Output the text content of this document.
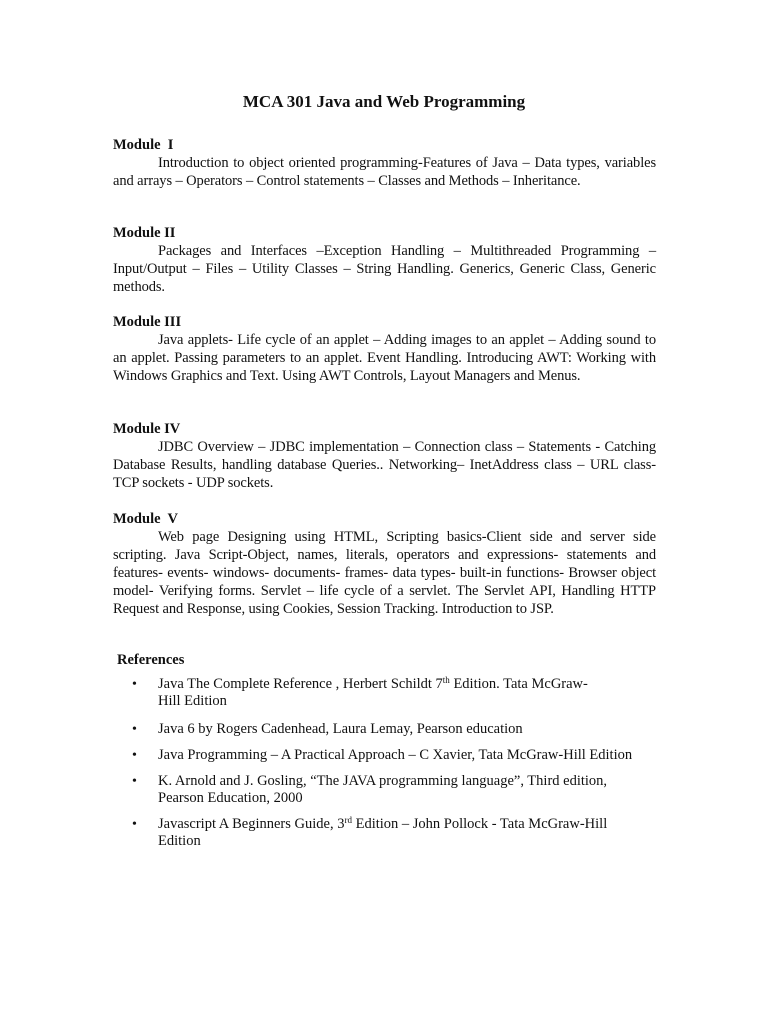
MCA 301 Java and Web Programming

Module  I

Introduction to object oriented programming-Features of Java – Data types, variables and arrays – Operators – Control statements – Classes and Methods – Inheritance.

Module II

Packages and Interfaces –Exception Handling – Multithreaded Programming – Input/Output – Files – Utility Classes – String Handling. Generics, Generic Class, Generic methods.

Module III

Java applets- Life cycle of an applet – Adding images to an applet – Adding sound to an applet. Passing parameters to an applet. Event Handling. Introducing AWT: Working with Windows Graphics and Text. Using AWT Controls, Layout Managers and Menus.

Module IV

JDBC Overview – JDBC implementation – Connection class – Statements - Catching Database Results, handling database Queries.. Networking– InetAddress class – URL class- TCP sockets - UDP sockets.

Module  V

Web page Designing using HTML, Scripting basics-Client side and server side scripting. Java Script-Object, names, literals, operators and expressions- statements and features- events- windows- documents- frames- data types- built-in functions- Browser object model- Verifying forms. Servlet – life cycle of a servlet. The Servlet API, Handling HTTP Request and Response, using Cookies, Session Tracking. Introduction to JSP.

References

• Java The Complete Reference , Herbert Schildt 7th Edition. Tata McGraw-
Hill Edition
• Java 6 by Rogers Cadenhead, Laura Lemay, Pearson education
• Java Programming – A Practical Approach – C Xavier, Tata McGraw-Hill Edition
• K. Arnold and J. Gosling, “The JAVA programming language”, Third edition,
Pearson Education, 2000
• Javascript A Beginners Guide, 3rd Edition – John Pollock - Tata McGraw-Hill
Edition
